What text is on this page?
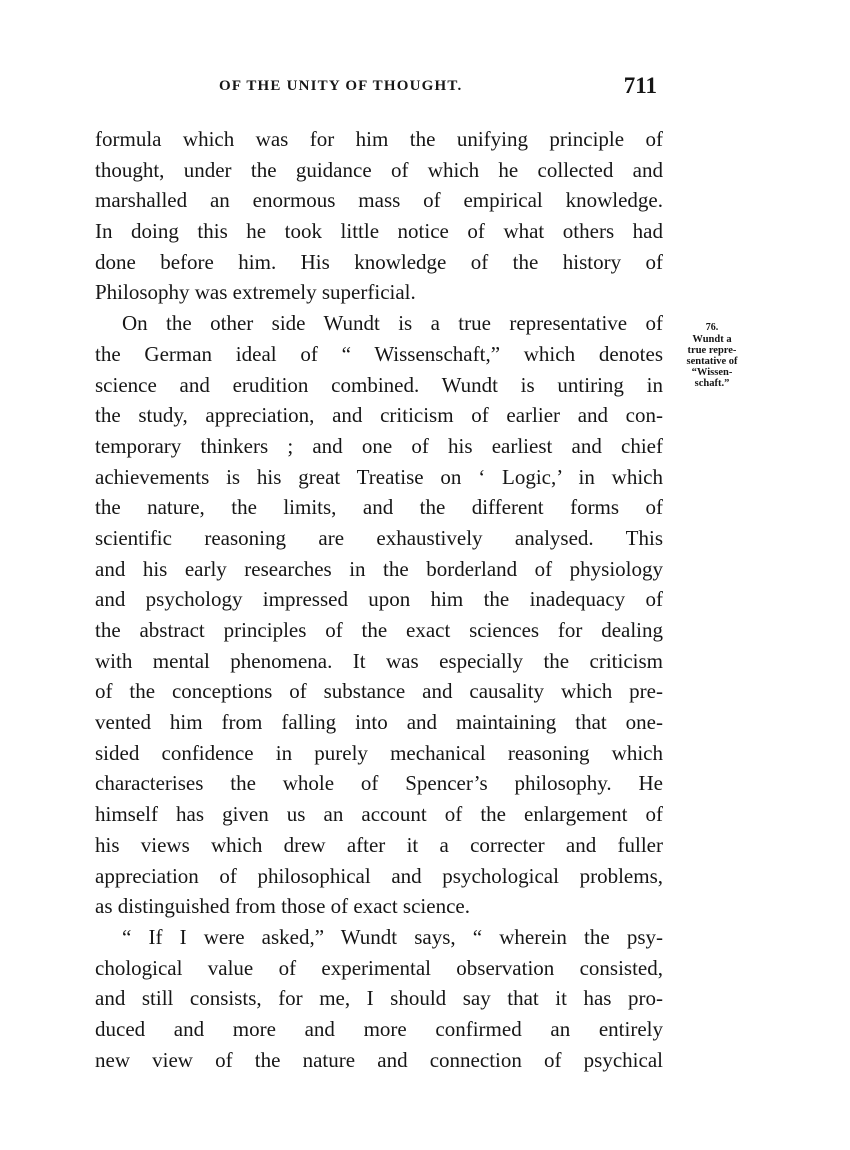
OF THE UNITY OF THOUGHT.	711
formula which was for him the unifying principle of
thought, under the guidance of which he collected and
marshalled an enormous mass of empirical knowledge.
In doing this he took little notice of what others had
done before him. His knowledge of the history of
Philosophy was extremely superficial.
On the other side Wundt is a true representative of
the German ideal of “ Wissenschaft,” which denotes
science and erudition combined. Wundt is untiring in
the study, appreciation, and criticism of earlier and con-
temporary thinkers ; and one of his earliest and chief
achievements is his great Treatise on ‘ Logic,’ in which
the nature, the limits, and the different forms of
scientific reasoning are exhaustively analysed. This
and his early researches in the borderland of physiology
and psychology impressed upon him the inadequacy of
the abstract principles of the exact sciences for dealing
with mental phenomena. It was especially the criticism
of the conceptions of substance and causality which pre-
vented him from falling into and maintaining that one-
sided confidence in purely mechanical reasoning which
characterises the whole of Spencer’s philosophy. He
himself has given us an account of the enlargement of
his views which drew after it a correcter and fuller
appreciation of philosophical and psychological problems,
as distinguished from those of exact science.
“ If I were asked,” Wundt says, “ wherein the psy-
chological value of experimental observation consisted,
and still consists, for me, I should say that it has pro-
duced and more and more confirmed an entirely
new view of the nature and connection of psychical
76.
Wundt a
true repre-
sentative of
“Wissen-
schaft.”
